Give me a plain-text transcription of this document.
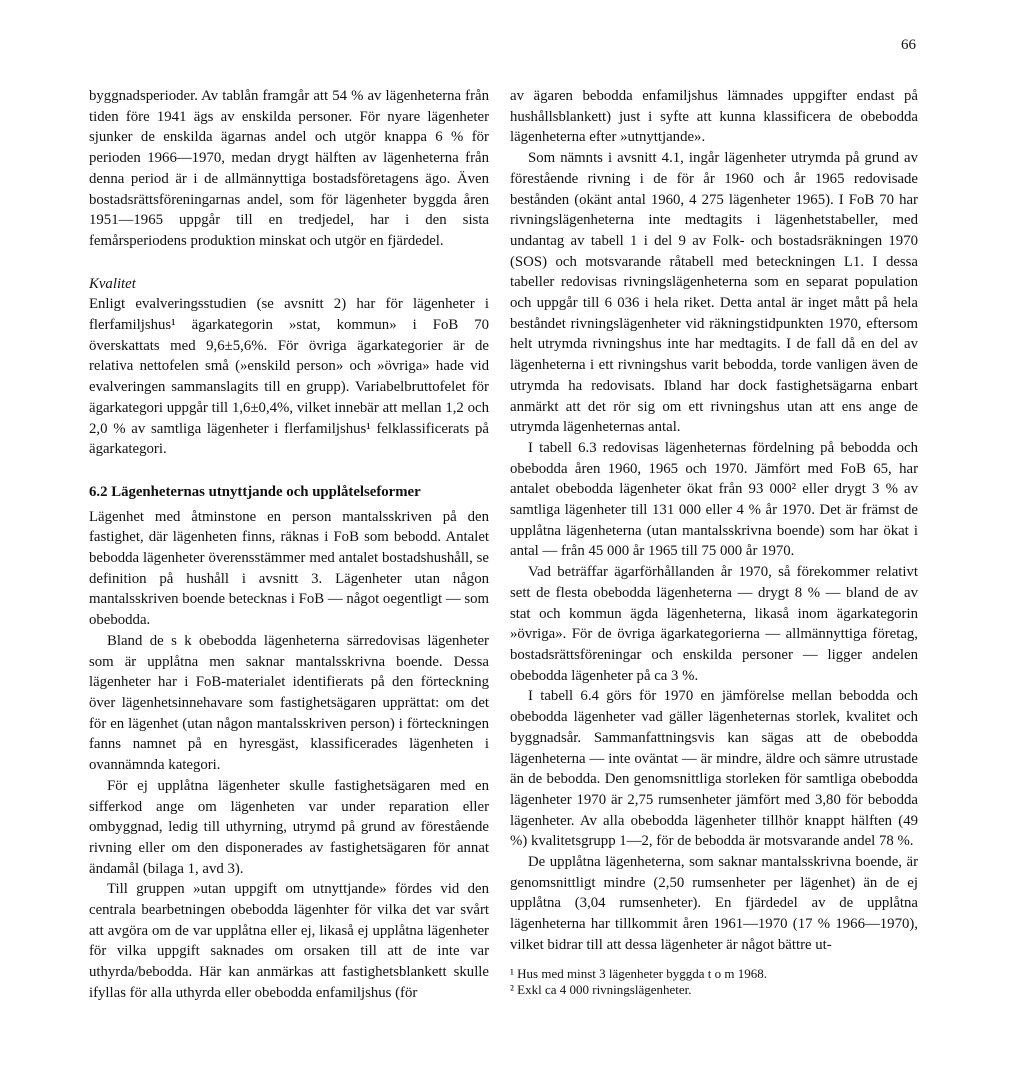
66

byggnadsperioder. Av tablån framgår att 54 % av lägenheterna från tiden före 1941 ägs av enskilda personer. För nyare lägenheter sjunker de enskilda ägarnas andel och utgör knappa 6 % för perioden 1966—1970, medan drygt hälften av lägenheterna från denna period är i de allmännyttiga bostadsföretagens ägo. Även bostadsrättsföreningarnas andel, som för lägenheter byggda åren 1951—1965 uppgår till en tredjedel, har i den sista femårsperiodens produktion minskat och utgör en fjärdedel.

Kvalitet

Enligt evalveringsstudien (se avsnitt 2) har för lägenheter i flerfamiljshus¹ ägarkategorin »stat, kommun» i FoB 70 överskattats med 9,6±5,6%. För övriga ägarkategorier är de relativa nettofelen små (»enskild person» och »övriga» hade vid evalveringen sammanslagits till en grupp). Variabelbruttofelet för ägarkategori uppgår till 1,6±0,4%, vilket innebär att mellan 1,2 och 2,0 % av samtliga lägenheter i flerfamiljshus¹ felklassificerats på ägarkategori.

6.2 Lägenheternas utnyttjande och upplåtelseformer

Lägenhet med åtminstone en person mantalsskriven på den fastighet, där lägenheten finns, räknas i FoB som bebodd. Antalet bebodda lägenheter överensstämmer med antalet bostadshushåll, se definition på hushåll i avsnitt 3. Lägenheter utan någon mantalsskriven boende betecknas i FoB — något oegentligt — som obebodda.

Bland de s k obebodda lägenheterna särredovisas lägenheter som är upplåtna men saknar mantalsskrivna boende. Dessa lägenheter har i FoB-materialet identifierats på den förteckning över lägenhetsinnehavare som fastighetsägaren upprättat: om det för en lägenhet (utan någon mantalsskriven person) i förteckningen fanns namnet på en hyresgäst, klassificerades lägenheten i ovannämnda kategori.

För ej upplåtna lägenheter skulle fastighetsägaren med en sifferkod ange om lägenheten var under reparation eller ombyggnad, ledig till uthyrning, utrymd på grund av förestående rivning eller om den disponerades av fastighetsägaren för annat ändamål (bilaga 1, avd 3).

Till gruppen »utan uppgift om utnyttjande» fördes vid den centrala bearbetningen obebodda lägenhter för vilka det var svårt att avgöra om de var upplåtna eller ej, likaså ej upplåtna lägenheter för vilka uppgift saknades om orsaken till att de inte var uthyrda/bebodda. Här kan anmärkas att fastighetsblankett skulle ifyllas för alla uthyrda eller obebodda enfamiljshus (för

av ägaren bebodda enfamiljshus lämnades uppgifter endast på hushållsblankett) just i syfte att kunna klassificera de obebodda lägenheterna efter »utnyttjande».

Som nämnts i avsnitt 4.1, ingår lägenheter utrymda på grund av förestående rivning i de för år 1960 och år 1965 redovisade bestånden (okänt antal 1960, 4 275 lägenheter 1965). I FoB 70 har rivningslägenheterna inte medtagits i lägenhetstabeller, med undantag av tabell 1 i del 9 av Folk- och bostadsräkningen 1970 (SOS) och motsvarande råtabell med beteckningen L1. I dessa tabeller redovisas rivningslägenheterna som en separat population och uppgår till 6 036 i hela riket. Detta antal är inget mått på hela beståndet rivningslägenheter vid räkningstidpunkten 1970, eftersom helt utrymda rivningshus inte har medtagits. I de fall då en del av lägenheterna i ett rivningshus varit bebodda, torde vanligen även de utrymda ha redovisats. Ibland har dock fastighetsägarna enbart anmärkt att det rör sig om ett rivningshus utan att ens ange de utrymda lägenheternas antal.

I tabell 6.3 redovisas lägenheternas fördelning på bebodda och obebodda åren 1960, 1965 och 1970. Jämfört med FoB 65, har antalet obebodda lägenheter ökat från 93 000² eller drygt 3 % av samtliga lägenheter till 131 000 eller 4 % år 1970. Det är främst de upplåtna lägenheterna (utan mantalsskrivna boende) som har ökat i antal — från 45 000 år 1965 till 75 000 år 1970.

Vad beträffar ägarförhållanden år 1970, så förekommer relativt sett de flesta obebodda lägenheterna — drygt 8 % — bland de av stat och kommun ägda lägenheterna, likaså inom ägarkategorin »övriga». För de övriga ägarkategorierna — allmännyttiga företag, bostadsrättsföreningar och enskilda personer — ligger andelen obebodda lägenheter på ca 3 %.

I tabell 6.4 görs för 1970 en jämförelse mellan bebodda och obebodda lägenheter vad gäller lägenheternas storlek, kvalitet och byggnadsår. Sammanfattningsvis kan sägas att de obebodda lägenheterna — inte oväntat — är mindre, äldre och sämre utrustade än de bebodda. Den genomsnittliga storleken för samtliga obebodda lägenheter 1970 är 2,75 rumsenheter jämfört med 3,80 för bebodda lägenheter. Av alla obebodda lägenheter tillhör knappt hälften (49 %) kvalitetsgrupp 1—2, för de bebodda är motsvarande andel 78 %.

De upplåtna lägenheterna, som saknar mantalsskrivna boende, är genomsnittligt mindre (2,50 rumsenheter per lägenhet) än de ej upplåtna (3,04 rumsenheter). En fjärdedel av de upplåtna lägenheterna har tillkommit åren 1961—1970 (17 % 1966—1970), vilket bidrar till att dessa lägenheter är något bättre ut-

¹ Hus med minst 3 lägenheter byggda t o m 1968.

² Exkl ca 4 000 rivningslägenheter.
